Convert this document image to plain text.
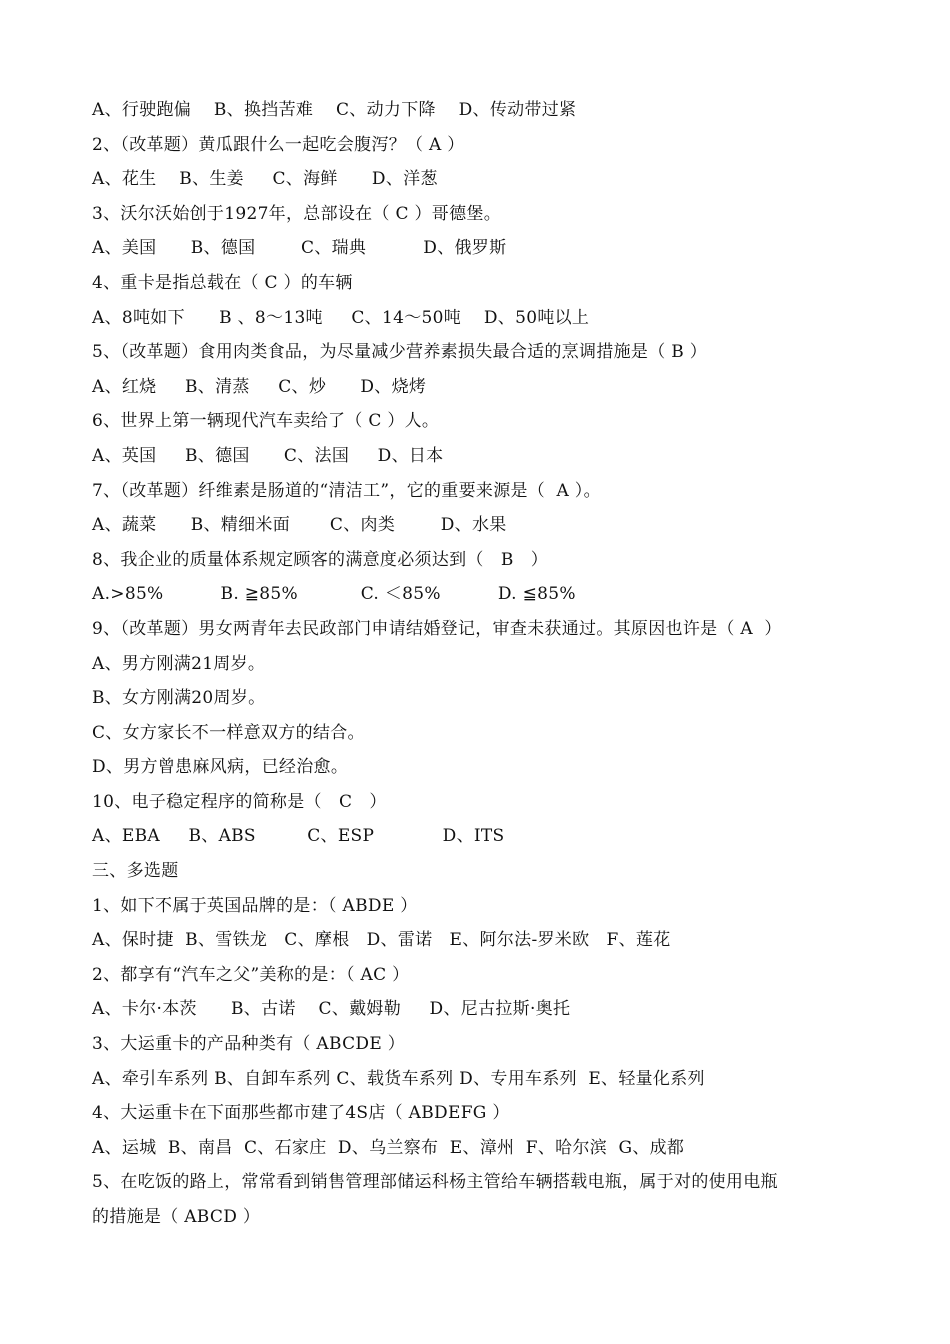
A、行驶跑偏    B、换挡苦难    C、动力下降    D、传动带过紧
2、（改革题）黄瓜跟什么一起吃会腹泻？（ A ）
A、花生    B、生姜     C、海鲜      D、洋葱
3、沃尔沃始创于1927年，总部设在（ C ）哥德堡。
A、美国      B、德国        C、瑞典          D、俄罗斯
4、重卡是指总载在（ C ）的车辆
A、8吨如下      B 、8～13吨     C、14～50吨    D、50吨以上
5、（改革题）食用肉类食品，为尽量减少营养素损失最合适的烹调措施是（ B ）
A、红烧     B、清蒸     C、炒      D、烧烤
6、世界上第一辆现代汽车卖给了（ C ）人。
A、英国     B、德国      C、法国     D、日本
7、（改革题）纤维素是肠道的“清洁工”，它的重要来源是（  A ）。
A、蔬菜      B、精细米面       C、肉类        D、水果
8、我企业的质量体系规定顾客的满意度必须达到（   B   ）
A.>85%          B. ≧85%           C. ＜85%          D. ≦85%
9、（改革题）男女两青年去民政部门申请结婚登记，审查未获通过。其原因也许是（ A  ）
A、男方刚满21周岁。
B、女方刚满20周岁。
C、女方家长不一样意双方的结合。
D、男方曾患麻风病，已经治愈。
10、电子稳定程序的简称是（   C   ）
A、EBA     B、ABS         C、ESP            D、ITS
三、多选题
1、如下不属于英国品牌的是：（ ABDE ）
A、保时捷  B、雪铁龙   C、摩根   D、雷诺   E、阿尔法-罗米欧   F、莲花
2、都享有“汽车之父”美称的是：（ AC ）
A、卡尔·本茨      B、古诺    C、戴姆勒     D、尼古拉斯·奥托
3、大运重卡的产品种类有（ ABCDE ）
A、牵引车系列 B、自卸车系列 C、载货车系列 D、专用车系列  E、轻量化系列
4、大运重卡在下面那些都市建了4S店（ ABDEFG ）
A、运城  B、南昌  C、石家庄  D、乌兰察布  E、漳州  F、哈尔滨  G、成都
5、在吃饭的路上，常常看到销售管理部储运科杨主管给车辆搭载电瓶，属于对的使用电瓶
的措施是（ ABCD ）
